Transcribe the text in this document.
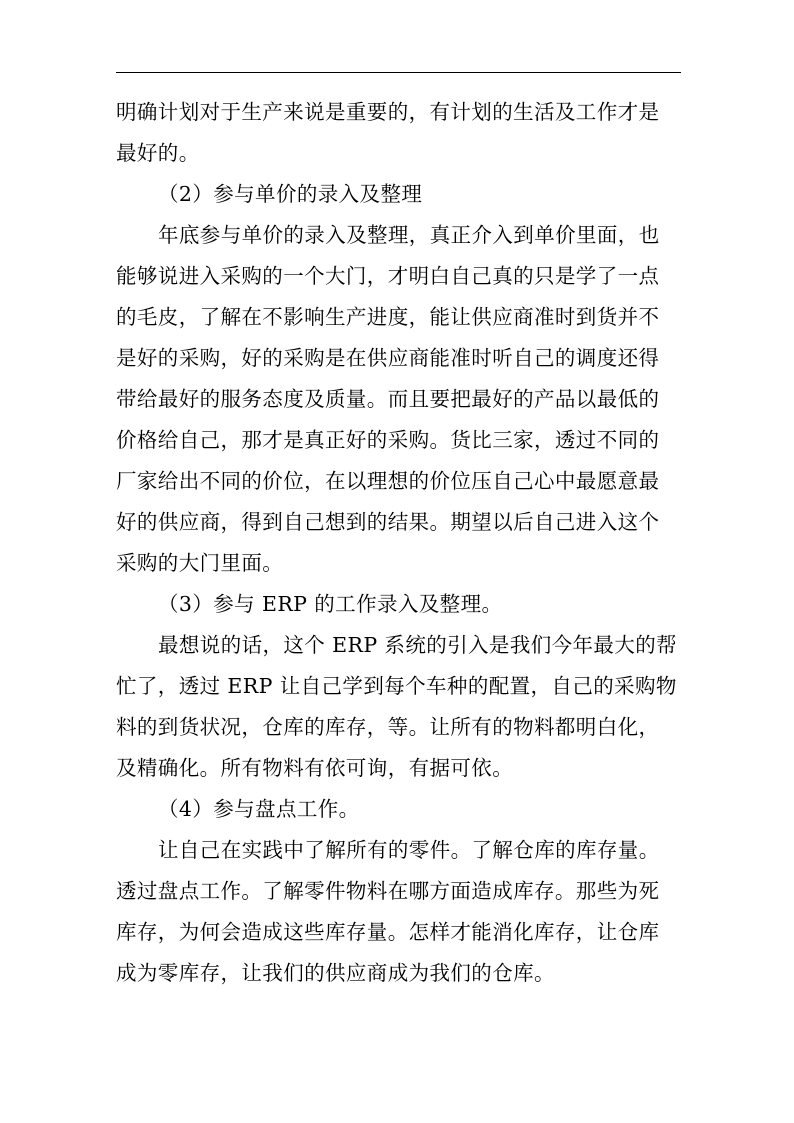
明确计划对于生产来说是重要的，有计划的生活及工作才是
最好的。
（2）参与单价的录入及整理
年底参与单价的录入及整理，真正介入到单价里面，也
能够说进入采购的一个大门，才明白自己真的只是学了一点
的毛皮，了解在不影响生产进度，能让供应商准时到货并不
是好的采购，好的采购是在供应商能准时听自己的调度还得
带给最好的服务态度及质量。而且要把最好的产品以最低的
价格给自己，那才是真正好的采购。货比三家，透过不同的
厂家给出不同的价位，在以理想的价位压自己心中最愿意最
好的供应商，得到自己想到的结果。期望以后自己进入这个
采购的大门里面。
（3）参与 ERP 的工作录入及整理。
最想说的话，这个 ERP 系统的引入是我们今年最大的帮
忙了，透过 ERP 让自己学到每个车种的配置，自己的采购物
料的到货状况，仓库的库存，等。让所有的物料都明白化，
及精确化。所有物料有依可询，有据可依。
（4）参与盘点工作。
让自己在实践中了解所有的零件。了解仓库的库存量。
透过盘点工作。了解零件物料在哪方面造成库存。那些为死
库存，为何会造成这些库存量。怎样才能消化库存，让仓库
成为零库存，让我们的供应商成为我们的仓库。
